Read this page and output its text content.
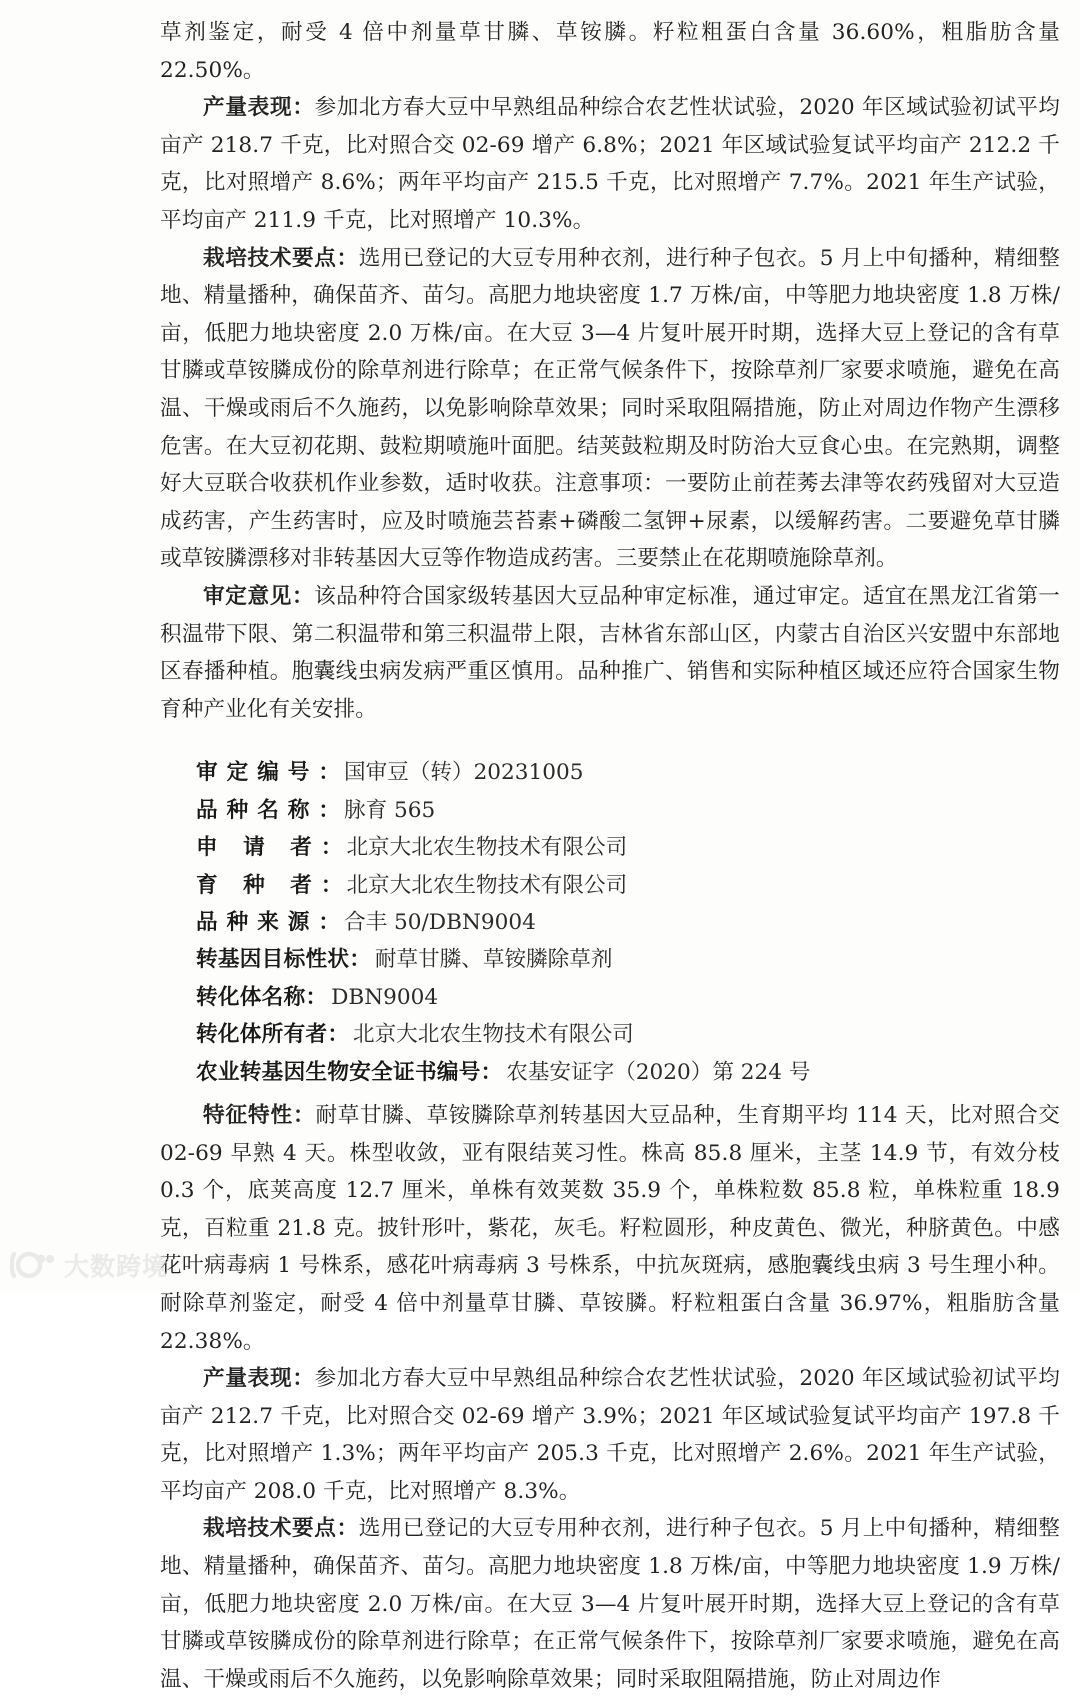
草剂鉴定，耐受 4 倍中剂量草甘膦、草铵膦。籽粒粗蛋白含量 36.60%，粗脂肪含量 22.50%。

产量表现：参加北方春大豆中早熟组品种综合农艺性状试验，2020 年区域试验初试平均亩产 218.7 千克，比对照合交 02-69 增产 6.8%；2021 年区域试验复试平均亩产 212.2 千克，比对照增产 8.6%；两年平均亩产 215.5 千克，比对照增产 7.7%。2021 年生产试验，平均亩产 211.9 千克，比对照增产 10.3%。

栽培技术要点：选用已登记的大豆专用种衣剂，进行种子包衣。5 月上中旬播种，精细整地、精量播种，确保苗齐、苗匀。高肥力地块密度 1.7 万株/亩，中等肥力地块密度 1.8 万株/亩，低肥力地块密度 2.0 万株/亩。在大豆 3—4 片复叶展开时期，选择大豆上登记的含有草甘膦或草铵膦成份的除草剂进行除草；在正常气候条件下，按除草剂厂家要求喷施，避免在高温、干燥或雨后不久施药，以免影响除草效果；同时采取阻隔措施，防止对周边作物产生漂移危害。在大豆初花期、鼓粒期喷施叶面肥。结荚鼓粒期及时防治大豆食心虫。在完熟期，调整好大豆联合收获机作业参数，适时收获。注意事项：一要防止前茬莠去津等农药残留对大豆造成药害，产生药害时，应及时喷施芸苔素+磷酸二氢钾+尿素，以缓解药害。二要避免草甘膦或草铵膦漂移对非转基因大豆等作物造成药害。三要禁止在花期喷施除草剂。

审定意见：该品种符合国家级转基因大豆品种审定标准，通过审定。适宜在黑龙江省第一积温带下限、第二积温带和第三积温带上限，吉林省东部山区，内蒙古自治区兴安盟中东部地区春播种植。胞囊线虫病发病严重区慎用。品种推广、销售和实际种植区域还应符合国家生物育种产业化有关安排。

审定编号 ： 国审豆（转）20231005
品种名称 ： 脉育 565
申 请 者 ： 北京大北农生物技术有限公司
育 种 者 ： 北京大北农生物技术有限公司
品种来源 ： 合丰 50/DBN9004
转基因目标性状 ： 耐草甘膦、草铵膦除草剂
转化体名称 ： DBN9004
转化体所有者 ： 北京大北农生物技术有限公司
农业转基因生物安全证书编号 ： 农基安证字（2020）第 224 号

特征特性：耐草甘膦、草铵膦除草剂转基因大豆品种，生育期平均 114 天，比对照合交 02-69 早熟 4 天。株型收敛，亚有限结荚习性。株高 85.8 厘米，主茎 14.9 节，有效分枝 0.3 个，底荚高度 12.7 厘米，单株有效荚数 35.9 个，单株粒数 85.8 粒，单株粒重 18.9 克，百粒重 21.8 克。披针形叶，紫花，灰毛。籽粒圆形，种皮黄色、微光，种脐黄色。中感花叶病毒病 1 号株系，感花叶病毒病 3 号株系，中抗灰斑病，感胞囊线虫病 3 号生理小种。耐除草剂鉴定，耐受 4 倍中剂量草甘膦、草铵膦。籽粒粗蛋白含量 36.97%，粗脂肪含量 22.38%。

产量表现：参加北方春大豆中早熟组品种综合农艺性状试验，2020 年区域试验初试平均亩产 212.7 千克，比对照合交 02-69 增产 3.9%；2021 年区域试验复试平均亩产 197.8 千克，比对照增产 1.3%；两年平均亩产 205.3 千克，比对照增产 2.6%。2021 年生产试验，平均亩产 208.0 千克，比对照增产 8.3%。

栽培技术要点：选用已登记的大豆专用种衣剂，进行种子包衣。5 月上中旬播种，精细整地、精量播种，确保苗齐、苗匀。高肥力地块密度 1.8 万株/亩，中等肥力地块密度 1.9 万株/亩，低肥力地块密度 2.0 万株/亩。在大豆 3—4 片复叶展开时期，选择大豆上登记的含有草甘膦或草铵膦成份的除草剂进行除草；在正常气候条件下，按除草剂厂家要求喷施，避免在高温、干燥或雨后不久施药，以免影响除草效果；同时采取阻隔措施，防止对周边作

大数跨境
